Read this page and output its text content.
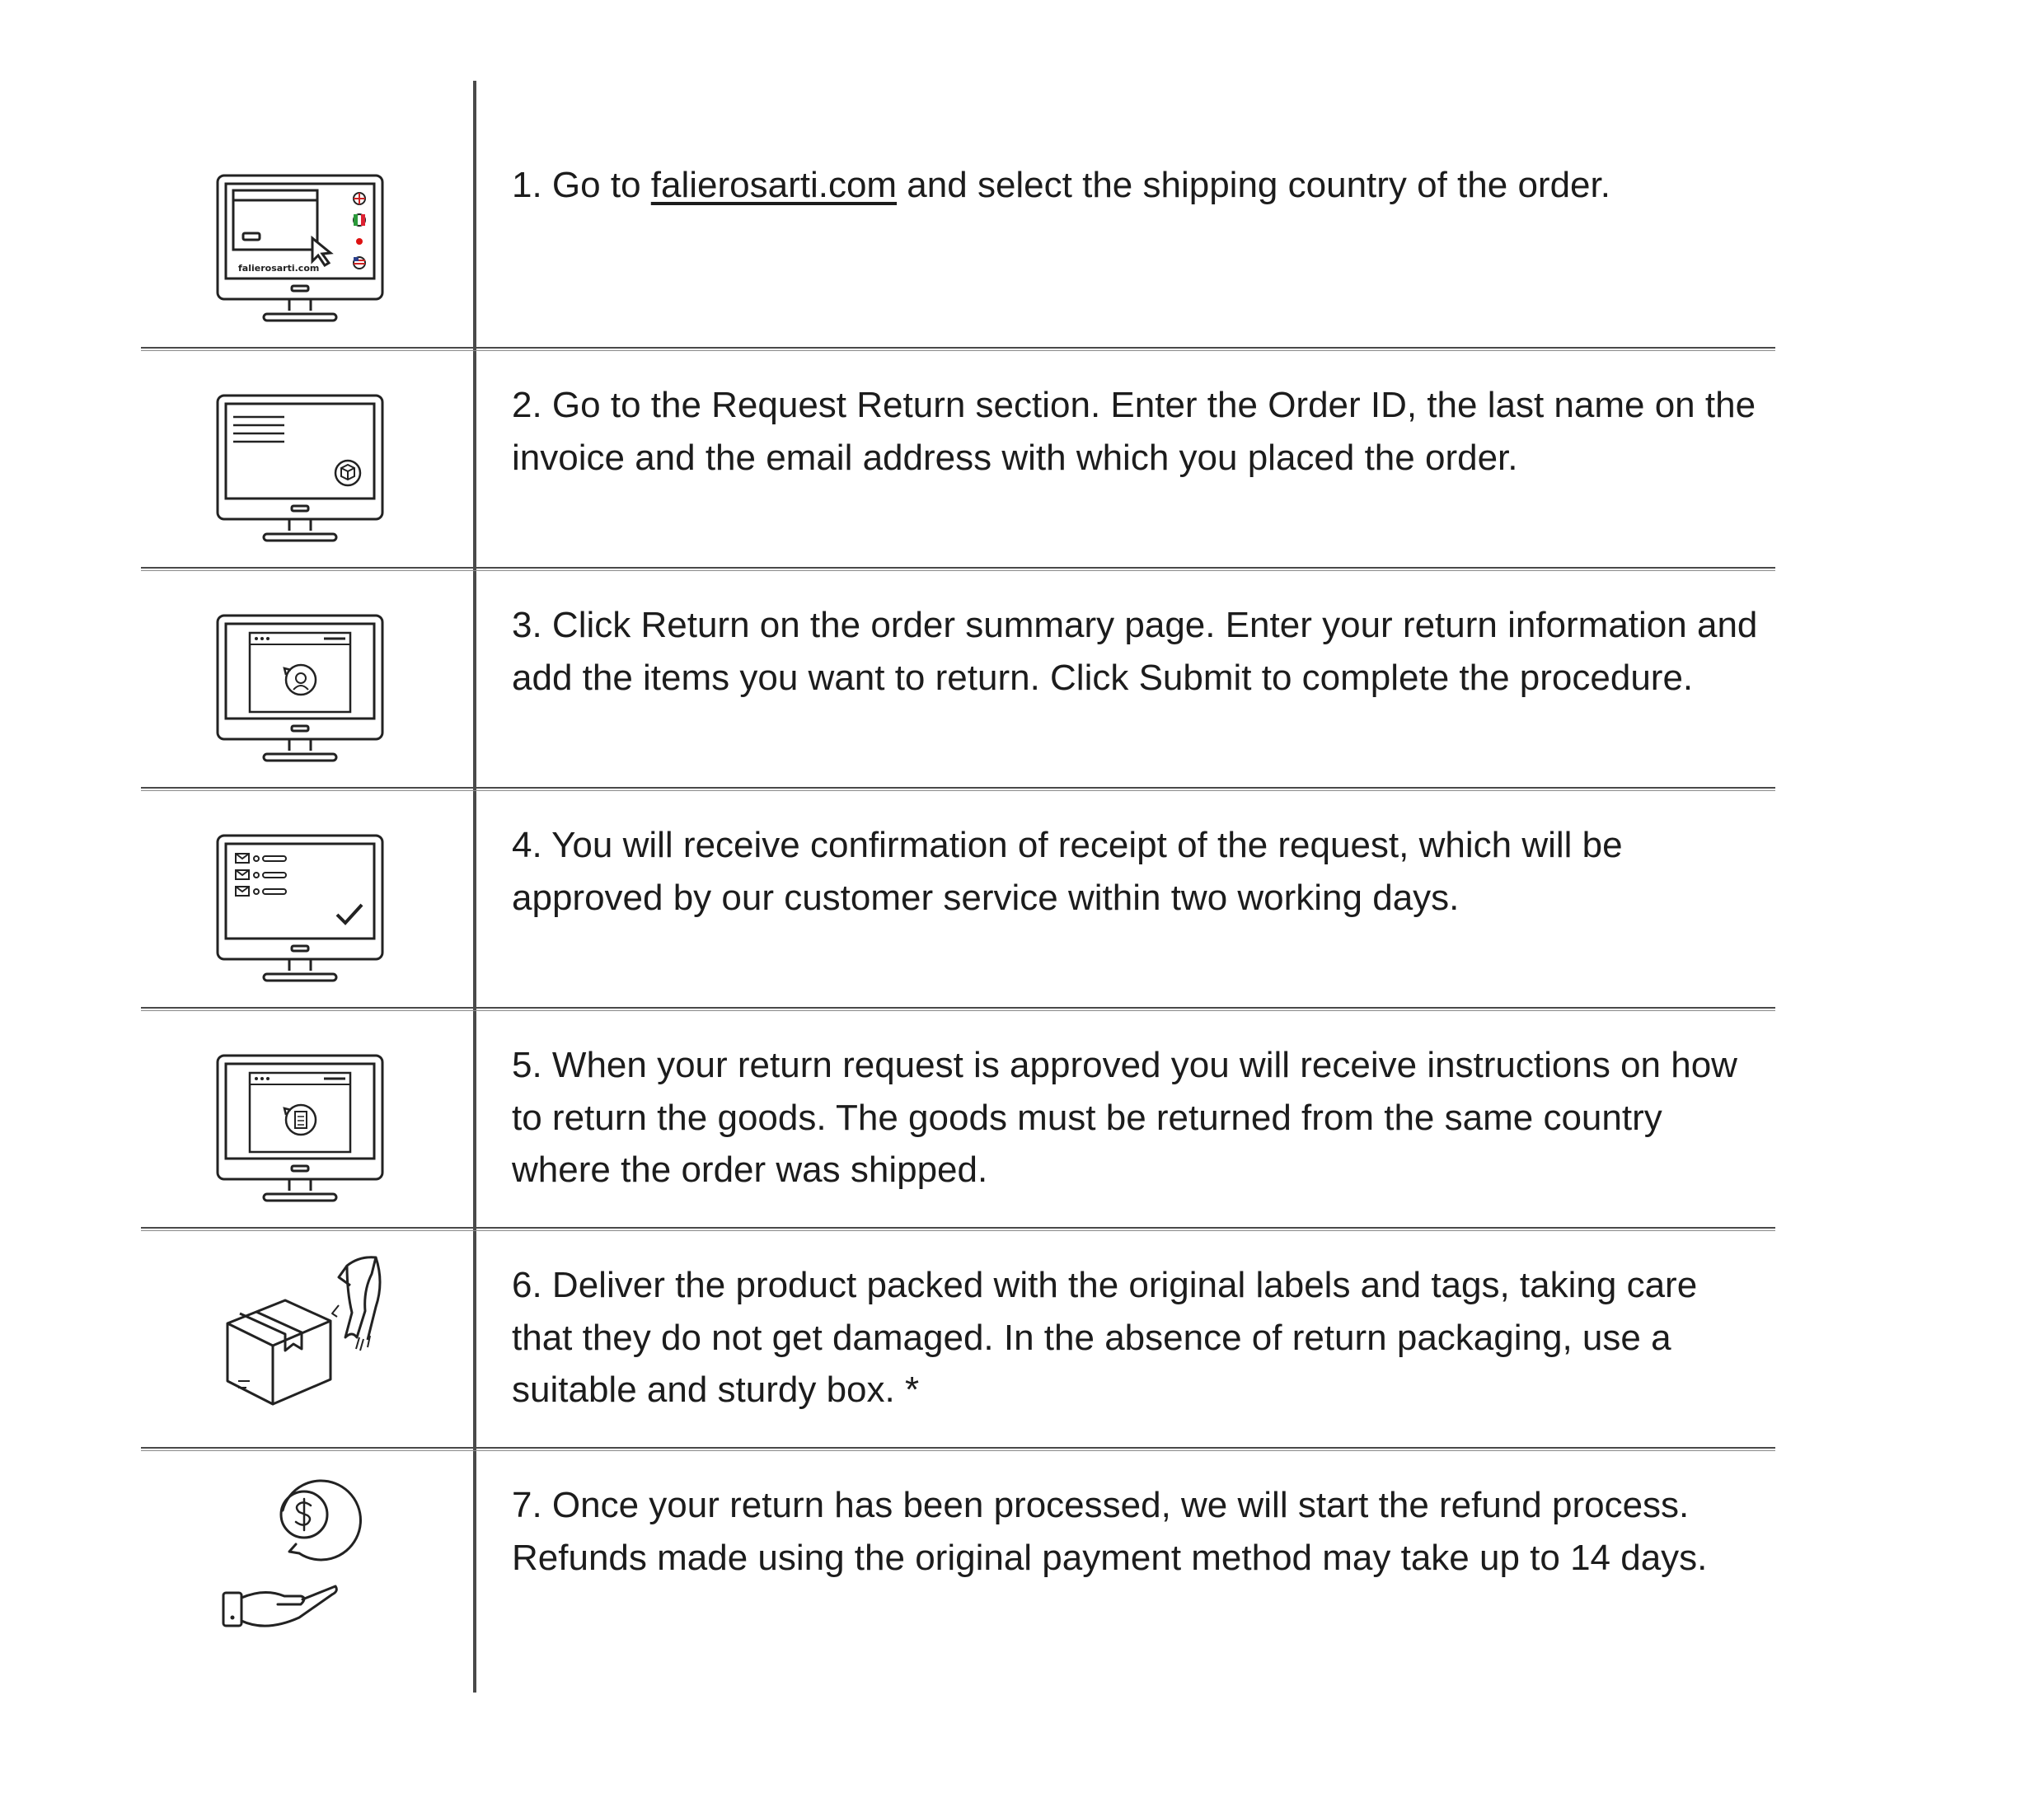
falierosarti.com
1. Go to falierosarti.com and select the shipping country of the order.
2. Go to the Request Return section. Enter the Order ID, the last name on the invoice and the email address with which you placed the order.
3. Click Return on the order summary page. Enter your return information and add the items you want to return. Click Submit to complete the procedure.
4. You will receive confirmation of receipt of the request, which will be approved by our customer service within two working days.
5. When your return request is approved you will receive instructions on how to return the goods. The goods must be returned from the same country where the order was shipped.
6. Deliver the product packed with the original labels and tags, taking care that they do not get damaged. In the absence of return packaging, use a suitable and sturdy box. *
7. Once your return has been processed, we will start the refund process. Refunds made using the original payment method may take up to 14 days.
